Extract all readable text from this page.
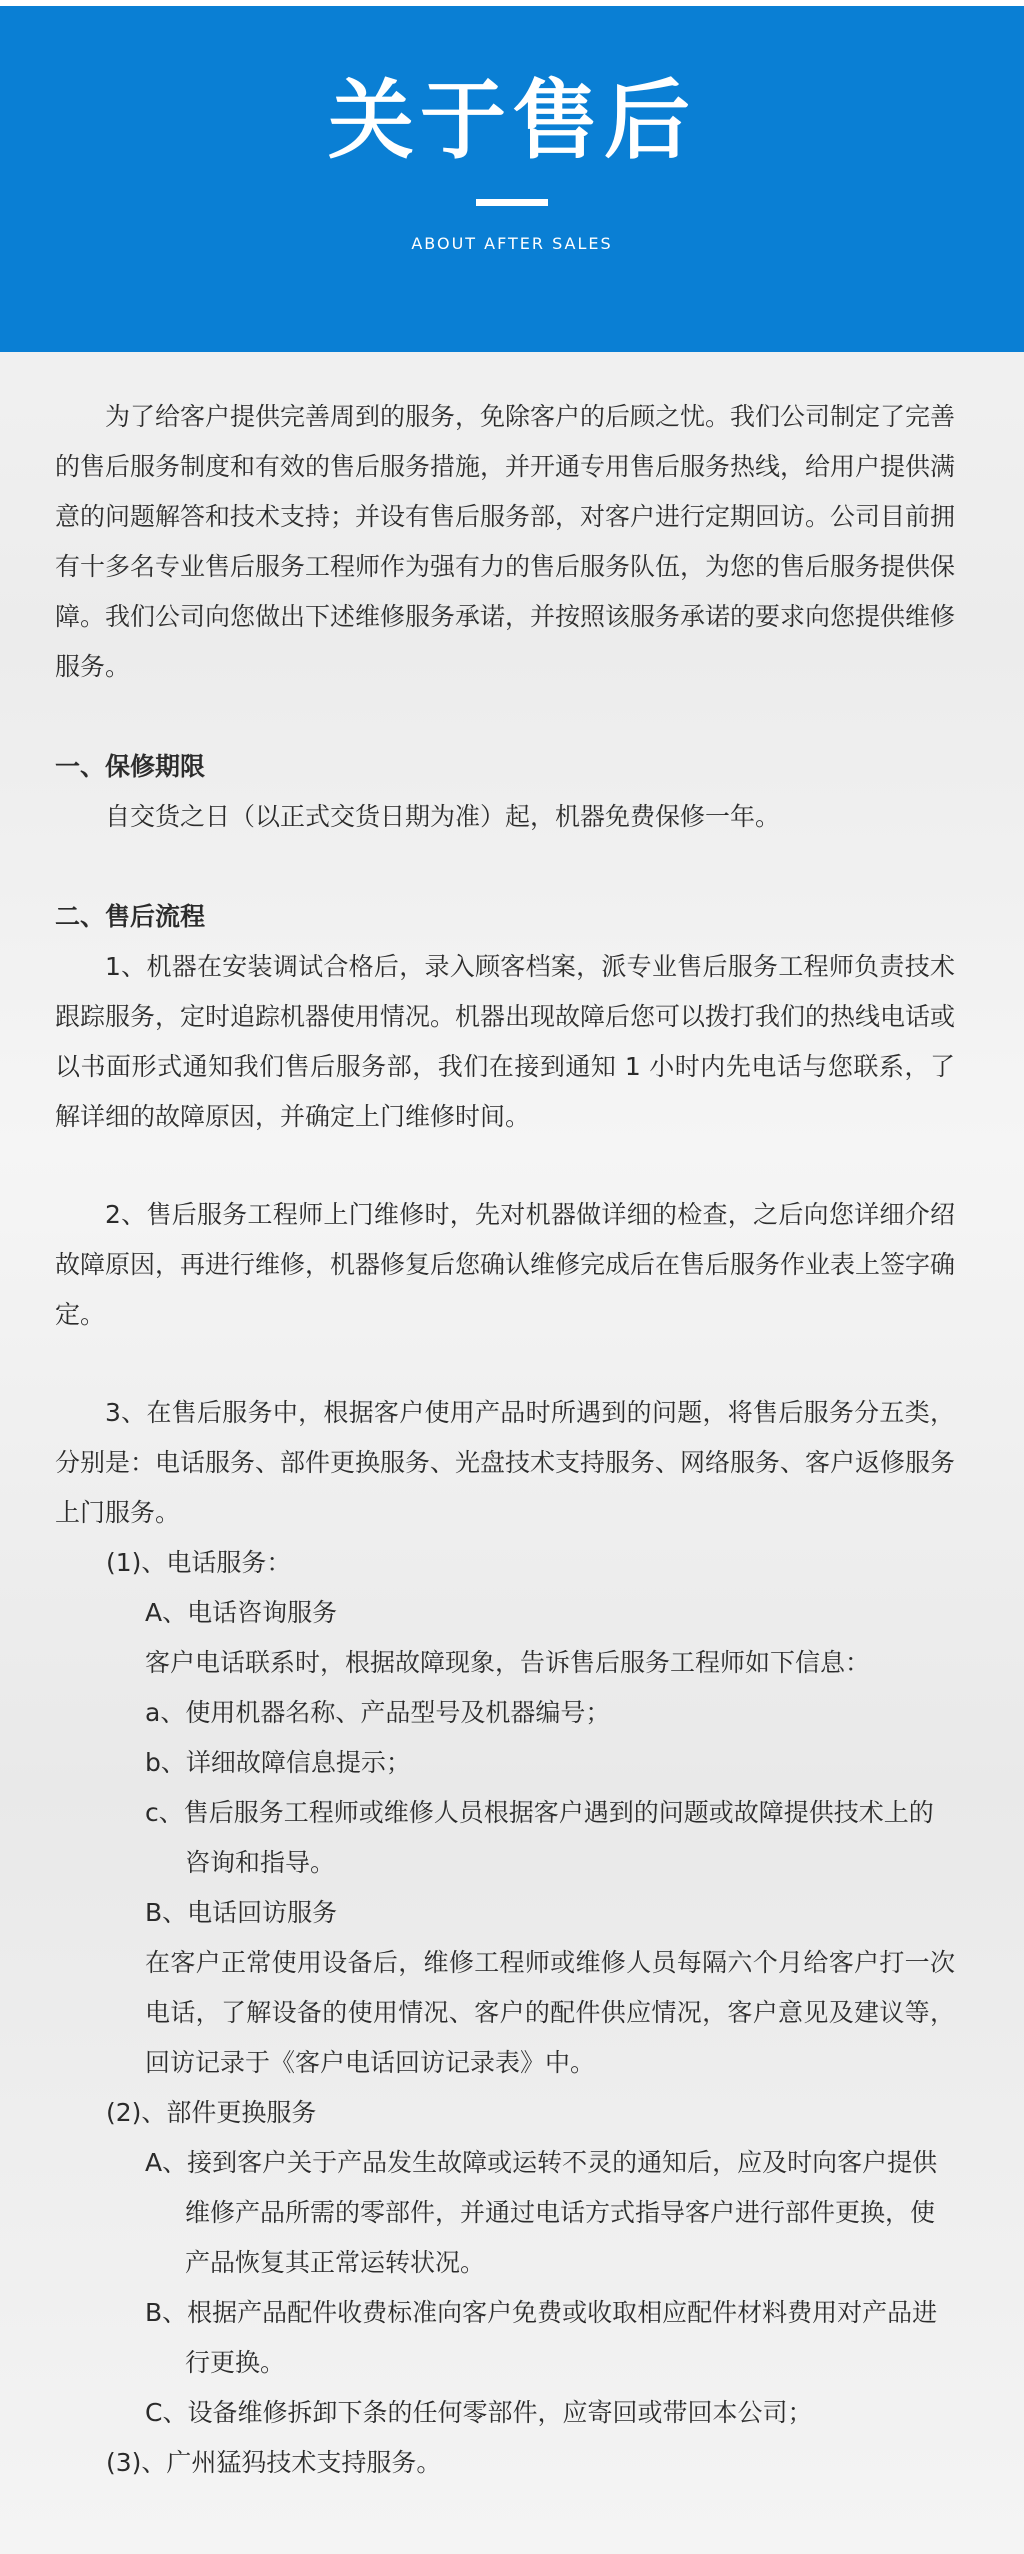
关于售后
ABOUT AFTER SALES

为了给客户提供完善周到的服务，免除客户的后顾之忧。我们公司制定了完善的售后服务制度和有效的售后服务措施，并开通专用售后服务热线，给用户提供满意的问题解答和技术支持；并设有售后服务部，对客户进行定期回访。公司目前拥有十多名专业售后服务工程师作为强有力的售后服务队伍，为您的售后服务提供保障。我们公司向您做出下述维修服务承诺，并按照该服务承诺的要求向您提供维修服务。

一、保修期限

自交货之日（以正式交货日期为准）起，机器免费保修一年。

二、售后流程

1、机器在安装调试合格后，录入顾客档案，派专业售后服务工程师负责技术跟踪服务，定时追踪机器使用情况。机器出现故障后您可以拨打我们的热线电话或以书面形式通知我们售后服务部，我们在接到通知 1 小时内先电话与您联系，了解详细的故障原因，并确定上门维修时间。

2、售后服务工程师上门维修时，先对机器做详细的检查，之后向您详细介绍故障原因，再进行维修，机器修复后您确认维修完成后在售后服务作业表上签字确定。

3、在售后服务中，根据客户使用产品时所遇到的问题，将售后服务分五类，分别是：电话服务、部件更换服务、光盘技术支持服务、网络服务、客户返修服务上门服务。

(1)、电话服务：

A、电话咨询服务

客户电话联系时，根据故障现象，告诉售后服务工程师如下信息：

a、使用机器名称、产品型号及机器编号；

b、详细故障信息提示；

c、售后服务工程师或维修人员根据客户遇到的问题或故障提供技术上的咨询和指导。

B、电话回访服务

在客户正常使用设备后，维修工程师或维修人员每隔六个月给客户打一次电话，了解设备的使用情况、客户的配件供应情况，客户意见及建议等，回访记录于《客户电话回访记录表》中。

(2)、部件更换服务

A、接到客户关于产品发生故障或运转不灵的通知后，应及时向客户提供维修产品所需的零部件，并通过电话方式指导客户进行部件更换，使产品恢复其正常运转状况。

B、根据产品配件收费标准向客户免费或收取相应配件材料费用对产品进行更换。

C、设备维修拆卸下条的任何零部件，应寄回或带回本公司；

(3)、广州猛犸技术支持服务。
